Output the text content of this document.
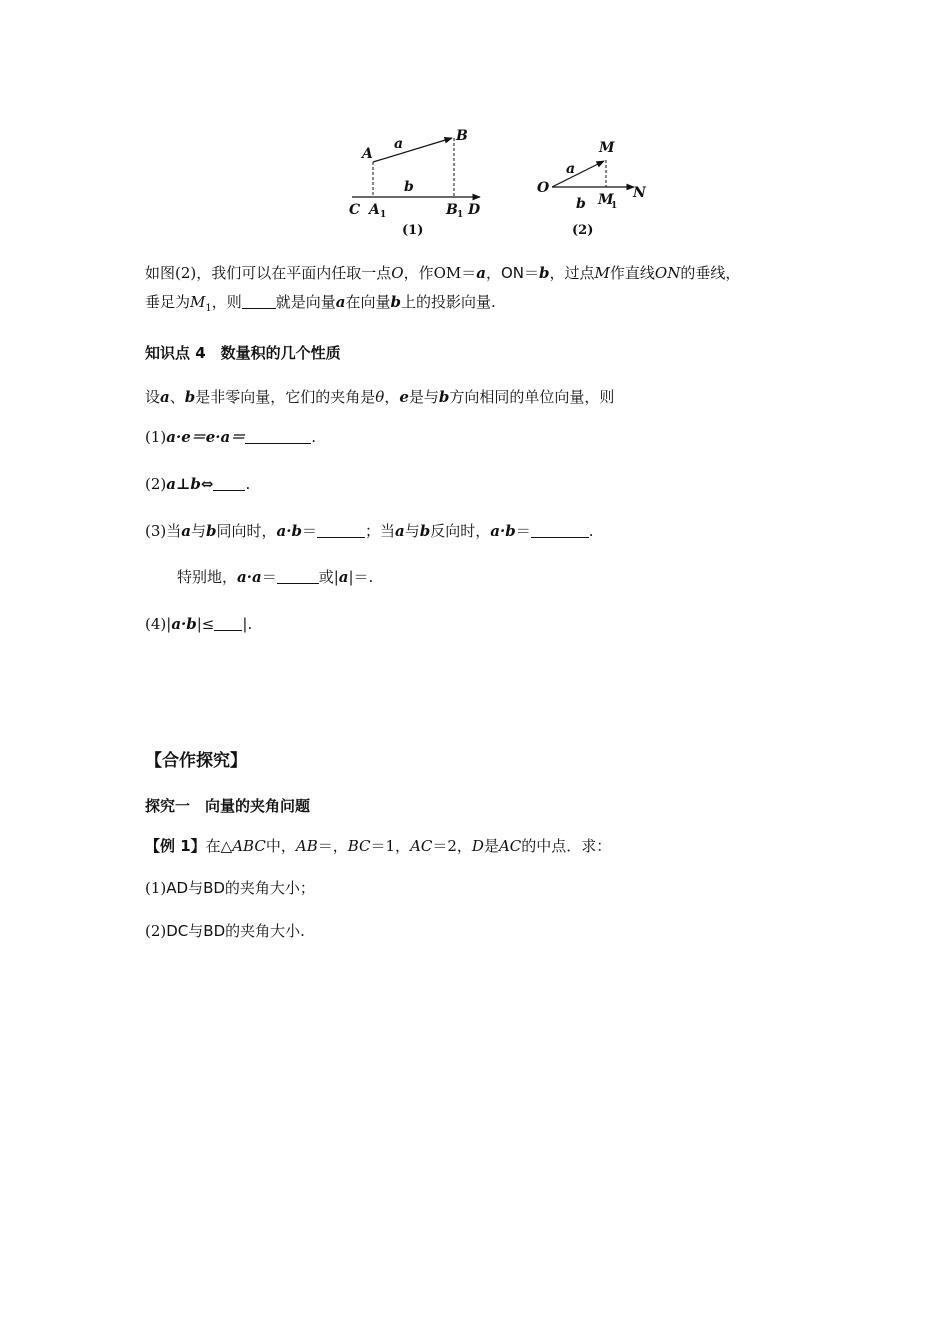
A
B
a
b
C A 1	B 1 D
(1)
M
O
a
b M
1
N
(2)
如图(2)，我们可以在平面内任取一点O，作OM＝a，ON＝b，过点M作直线ON的垂线，
垂足为$M_1$，则 就是向量a在向量b上的投影向量.
知识点 4　数量积的几个性质
设a、b是非零向量，它们的夹角是θ，e是与b方向相同的单位向量，则
(1)a·e＝e·a＝	.
(2)a⊥b⇔ .
(3)当a与b同向时，a·b＝	；当a与b反向时，a·b＝	.
特别地，a·a＝	或|a|＝.
(4)|a·b|≤ |.
【合作探究】
探究一　向量的夹角问题
【例 1】在△ABC中，AB＝，BC＝1，AC＝2，D是AC的中点．求：
(1)AD与BD的夹角大小；
(2)DC与BD的夹角大小.
